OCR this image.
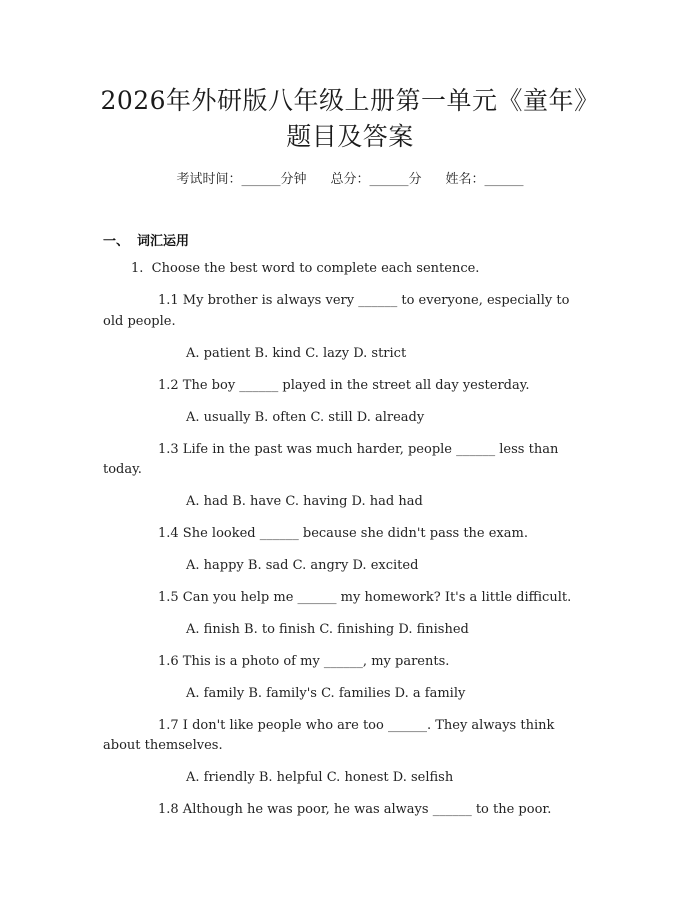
2026年外研版八年级上册第一单元《童年》
题目及答案
考试时间：______分钟 总分：______分 姓名：______
一、 词汇运用
1. Choose the best word to complete each sentence.
1.1 My brother is always very ______ to everyone, especially to
old people.
A. patient B. kind C. lazy D. strict
1.2 The boy ______ played in the street all day yesterday.
A. usually B. often C. still D. already
1.3 Life in the past was much harder, people ______ less than
today.
A. had B. have C. having D. had had
1.4 She looked ______ because she didn't pass the exam.
A. happy B. sad C. angry D. excited
1.5 Can you help me ______ my homework? It's a little difficult.
A. finish B. to finish C. finishing D. finished
1.6 This is a photo of my ______, my parents.
A. family B. family's C. families D. a family
1.7 I don't like people who are too ______. They always think
about themselves.
A. friendly B. helpful C. honest D. selfish
1.8 Although he was poor, he was always ______ to the poor.
